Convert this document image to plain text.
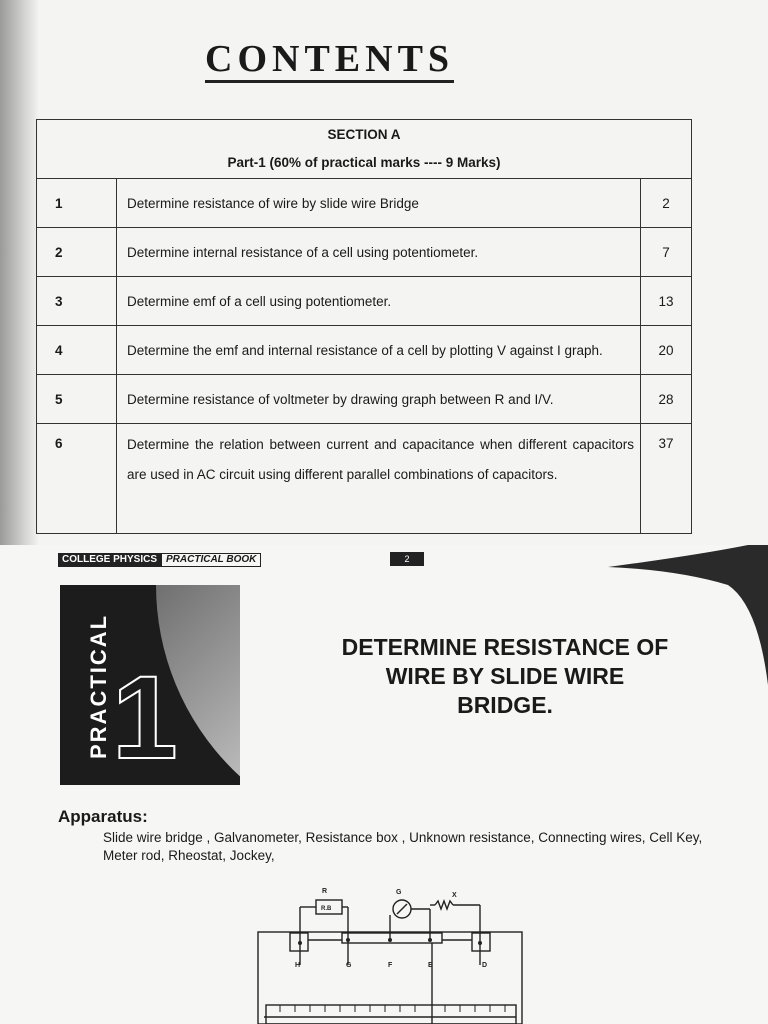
CONTENTS
SECTION A
Part-1 (60% of practical marks ---- 9 Marks)		

1	Determine resistance of wire by slide wire Bridge	2
2	Determine internal resistance of a cell using potentiometer.	7
3	Determine emf of a cell using potentiometer.	13
4	Determine the emf and internal resistance of a cell by plotting V against I graph.	20
5	Determine resistance of voltmeter by drawing graph between R and I/V.	28
6	Determine the relation between current and capacitance when different capacitors are used in AC circuit using different parallel combinations of capacitors.	37
COLLEGE PHYSICS PRACTICAL BOOK	2
PRACTICAL 1
DETERMINE RESISTANCE OF WIRE BY SLIDE WIRE BRIDGE.
Apparatus:
Slide wire bridge , Galvanometer, Resistance box , Unknown resistance, Connecting wires, Cell Key, Meter rod, Rheostat, Jockey,
R
R.B
G	X
H	G	F	E	D
